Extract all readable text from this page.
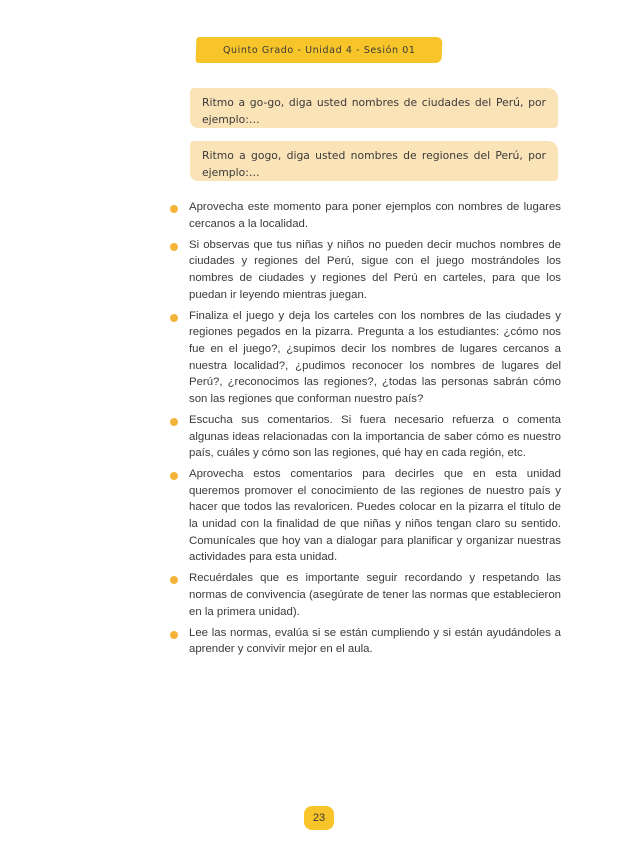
Quinto Grado - Unidad 4 - Sesión 01
Ritmo a go-go, diga usted nombres de ciudades del Perú, por ejemplo:…
Ritmo a gogo, diga usted nombres de regiones del Perú, por ejemplo:…
Aprovecha este momento para poner ejemplos con nombres de lugares cercanos a la localidad.
Si observas que tus niñas y niños no pueden decir muchos nombres de ciudades y regiones del Perú, sigue con el juego mostrándoles los nombres de ciudades y regiones del Perú en carteles, para que los puedan ir leyendo mientras juegan.
Finaliza el juego y deja los carteles con los nombres de las ciudades y regiones pegados en la pizarra. Pregunta a los estudiantes: ¿cómo nos fue en el juego?, ¿supimos decir los nombres de lugares cercanos a nuestra localidad?, ¿pudimos reconocer los nombres de lugares del Perú?, ¿reconocimos las regiones?, ¿todas las personas sabrán cómo son las regiones que conforman nuestro país?
Escucha sus comentarios. Si fuera necesario refuerza o comenta algunas ideas relacionadas con la importancia de saber cómo es nuestro país, cuáles y cómo son las regiones, qué hay en cada región, etc.
Aprovecha estos comentarios para decirles que en esta unidad queremos promover el conocimiento de las regiones de nuestro país y hacer que todos las revaloricen. Puedes colocar en la pizarra el título de la unidad con la finalidad de que niñas y niños tengan claro su sentido. Comunícales que hoy van a dialogar para planificar y organizar nuestras actividades para esta unidad.
Recuérdales que es importante seguir recordando y respetando las normas de convivencia (asegúrate de tener las normas que establecieron en la primera unidad).
Lee las normas, evalúa si se están cumpliendo y si están ayudándoles a aprender y convivir mejor en el aula.
23
